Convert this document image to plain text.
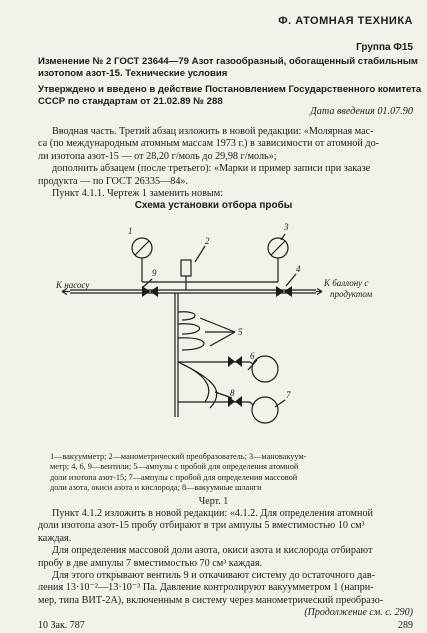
Ф. АТОМНАЯ ТЕХНИКА
Группа Ф15
Изменение № 2 ГОСТ 23644—79 Азот газообразный, обогащенный стабильным
изотопом азот-15. Технические условия
Утверждено и введено в действие Постановлением Государственного комитета
СССР по стандартам от 21.02.89 № 288
Дата введения 01.07.90
Вводная часть. Третий абзац изложить в новой редакции: «Молярная мас-
са (по международным атомным массам 1973 г.) в зависимости от атомной до-
ли изотопа азот-15 — от 28,20 г/моль до 29,98 г/моль»;
дополнить абзацем (после третьего): «Марки и пример записи при заказе
продукта — по ГОСТ 26335—84».
Пункт 4.1.1. Чертеж 1 заменить новым:
Схема установки отбора пробы
К насосу	К баллону с
продуктом
1
2
3
4
5
6
7
8
9
1—вакуумметр; 2—манометрический преобразователь; 3—мановакуум-
метр; 4, 6, 9—вентили; 5—ампулы с пробой для определения атомной
доли изотопа азот-15; 7—ампулы с пробой для определения массовой
доли азота, окиси азота и кислорода; 8—вакуумные шланги
Черт. 1
Пункт 4.1.2 изложить в новой редакции: «4.1.2. Для определения атомной
доли изотопа азот-15 пробу отбирают в три ампулы 5 вместимостью 10 см³
каждая.
Для определения массовой доли азота, окиси азота и кислорода отбирают
пробу в две ампулы 7 вместимостью 70 см³ каждая.
Для этого открывают вентиль 9 и откачивают систему до остаточного дав-
ления 13·10⁻²—13·10⁻³ Па. Давление контролируют вакуумметром 1 (напри-
мер, типа ВИТ-2А), включенным в систему через манометрический преобразо-
(Продолжение см. с. 290)
10 Зак. 787	289
